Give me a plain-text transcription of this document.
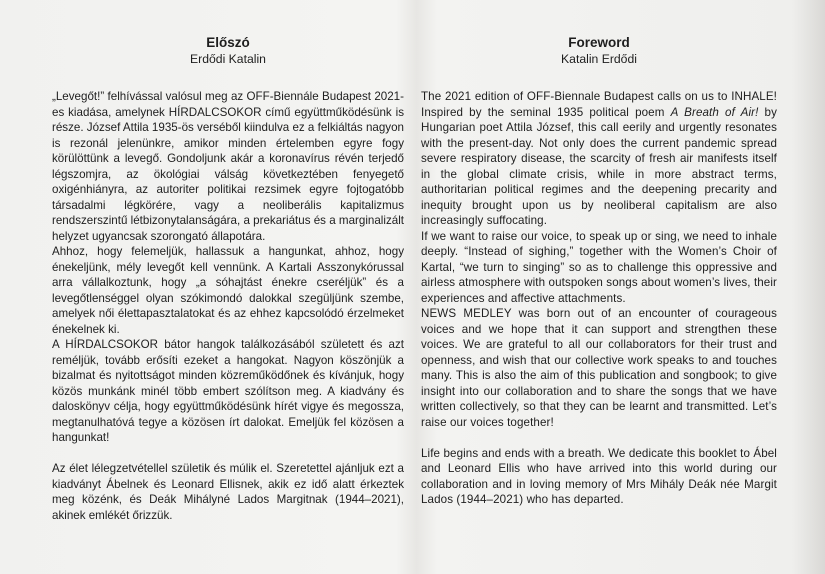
Előszó
Erdődi Katalin

„Levegőt!” felhívással valósul meg az OFF-Biennále Budapest 2021-es kiadása, amelynek HÍRDALCSOKOR című együttműködésünk is része. József Attila 1935-ös verséből kiindulva ez a felkiáltás nagyon is rezonál jelenünkre, amikor minden értelemben egyre fogy körülöttünk a levegő. Gondoljunk akár a koronavírus révén terjedő légszomjra, az ökológiai válság következtében fenyegető oxigénhiányra, az autoriter politikai rezsimek egyre fojtogatóbb társadalmi légkörére, vagy a neoliberális kapitalizmus rendszerszintű létbizonytalanságára, a prekariátus és a marginalizált helyzet ugyancsak szorongató állapotára.

Ahhoz, hogy felemeljük, hallassuk a hangunkat, ahhoz, hogy énekeljünk, mély levegőt kell vennünk. A Kartali Asszonykórussal arra vállalkoztunk, hogy „a sóhajtást énekre cseréljük” és a levegőtlenséggel olyan szókimondó dalokkal szegüljünk szembe, amelyek női élettapasztalatokat és az ehhez kapcsolódó érzelmeket énekelnek ki.

A HÍRDALCSOKOR bátor hangok találkozásából született és azt reméljük, tovább erősíti ezeket a hangokat. Nagyon köszönjük a bizalmat és nyitottságot minden közreműködőnek és kívánjuk, hogy közös munkánk minél több embert szólítson meg. A kiadvány és daloskönyv célja, hogy együttműködésünk hírét vigye és megossza, megtanulhatóvá tegye a közösen írt dalokat. Emeljük fel közösen a hangunkat!

Az élet lélegzetvétellel születik és múlik el. Szeretettel ajánljuk ezt a kiadványt Ábelnek és Leonard Ellisnek, akik ez idő alatt érkeztek meg közénk, és Deák Mihályné Lados Margitnak (1944–2021), akinek emlékét őrizzük.

Foreword
Katalin Erdődi

The 2021 edition of OFF-Biennale Budapest calls on us to INHALE! Inspired by the seminal 1935 political poem A Breath of Air! by Hungarian poet Attila József, this call eerily and urgently resonates with the present-day. Not only does the current pandemic spread severe respiratory disease, the scarcity of fresh air manifests itself in the global climate crisis, while in more abstract terms, authoritarian political regimes and the deepening precarity and inequity brought upon us by neoliberal capitalism are also increasingly suffocating.

If we want to raise our voice, to speak up or sing, we need to inhale deeply. “Instead of sighing,” together with the Women’s Choir of Kartal, “we turn to singing” so as to challenge this oppressive and airless atmosphere with outspoken songs about women’s lives, their experiences and affective attachments.

NEWS MEDLEY was born out of an encounter of courageous voices and we hope that it can support and strengthen these voices. We are grateful to all our collaborators for their trust and openness, and wish that our collective work speaks to and touches many. This is also the aim of this publication and songbook; to give insight into our collaboration and to share the songs that we have written collectively, so that they can be learnt and transmitted. Let’s raise our voices together!

Life begins and ends with a breath. We dedicate this booklet to Ábel and Leonard Ellis who have arrived into this world during our collaboration and in loving memory of Mrs Mihály Deák née Margit Lados (1944–2021) who has departed.
